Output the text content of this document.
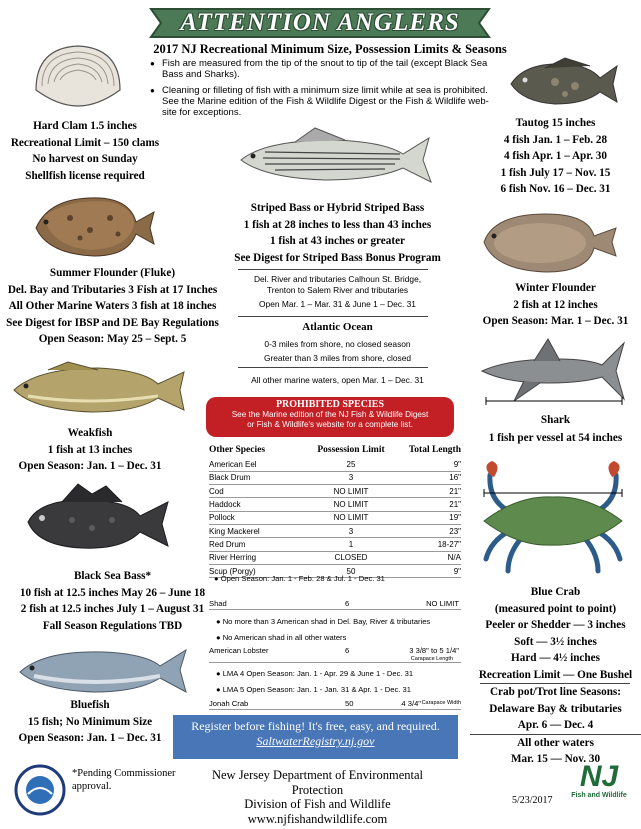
ATTENTION ANGLERS
2017 NJ Recreational Minimum Size, Possession Limits & Seasons
● Fish are measured from the tip of the snout to tip of the tail (except Black Sea Bass and Sharks).
● Cleaning or filleting of fish with a minimum size limit while at sea is prohibited. See the Marine edition of the Fish & Wildlife Digest or the Fish & Wildlife web-site for exceptions.
Hard Clam 1.5 inches
Recreational Limit – 150 clams
No harvest on Sunday
Shellfish license required
Tautog 15 inches
4 fish Jan. 1 – Feb. 28
4 fish Apr. 1 – Apr. 30
1 fish July 17 – Nov. 15
6 fish Nov. 16 – Dec. 31
Striped Bass or Hybrid Striped Bass
1 fish at 28 inches to less than 43 inches
1 fish at 43 inches or greater
See Digest for Striped Bass Bonus Program
Del. River and tributaries Calhoun St. Bridge,
Trenton to Salem River and tributaries
Open Mar. 1 – Mar. 31 & June 1 – Dec. 31
Atlantic Ocean
0-3 miles from shore, no closed season
Greater than 3 miles from shore, closed
All other marine waters, open Mar. 1 – Dec. 31
Summer Flounder (Fluke)
Del. Bay and Tributaries 3 Fish at 17 Inches
All Other Marine Waters 3 fish at 18 inches
See Digest for IBSP and DE Bay Regulations
Open Season: May 25 – Sept. 5
Winter Flounder
2 fish at 12 inches
Open Season: Mar. 1 – Dec. 31
Weakfish
1 fish at 13 inches
Open Season: Jan. 1 – Dec. 31
Shark
1 fish per vessel at 54 inches
PROHIBITED SPECIES
See the Marine edition of the NJ Fish & Wildlife Digest
or Fish & Wildlife's website for a complete list.
Other Species	Possession Limit	Total Length
American Eel	25	9"
Black Drum	3	16"
Cod	NO LIMIT	21"
Haddock	NO LIMIT	21"
Pollock	NO LIMIT	19"
King Mackerel	3	23"
Red Drum	1	18-27"
River Herring	CLOSED	N/A
Scup (Porgy)	50	9"
● Open Season: Jan. 1 - Feb. 28 & Jul. 1 - Dec. 31
Shad	6	NO LIMIT
● No more than 3 American shad in Del. Bay, River & tributaries
● No American shad in all other waters
American Lobster	6	3 3/8" to 5 1/4"
Carapace Length
● LMA 4 Open Season: Jan. 1 - Apr. 29 & June 1 - Dec. 31
● LMA 5 Open Season: Jan. 1 - Jan. 31 & Apr. 1 - Dec. 31
Jonah Crab	50	4 3/4" Carapace Width
Black Sea Bass*
10 fish at 12.5 inches May 26 – June 18
2 fish at 12.5 inches July 1 – August 31
Fall Season Regulations TBD
Bluefish
15 fish; No Minimum Size
Open Season: Jan. 1 – Dec. 31
Blue Crab
(measured point to point)
Peeler or Shedder — 3 inches
Soft — 3½ inches
Hard — 4½ inches
Recreation Limit — One Bushel
Crab pot/Trot line Seasons:
Delaware Bay & tributaries
Apr. 6 — Dec. 4
All other waters
Mar. 15 — Nov. 30
Register before fishing! It's free, easy, and required.
SaltwaterRegistry.nj.gov
*Pending Commissioner approval.
New Jersey Department of Environmental Protection
Division of Fish and Wildlife
www.njfishandwildlife.com
5/23/2017
NJ
Fish and Wildlife
